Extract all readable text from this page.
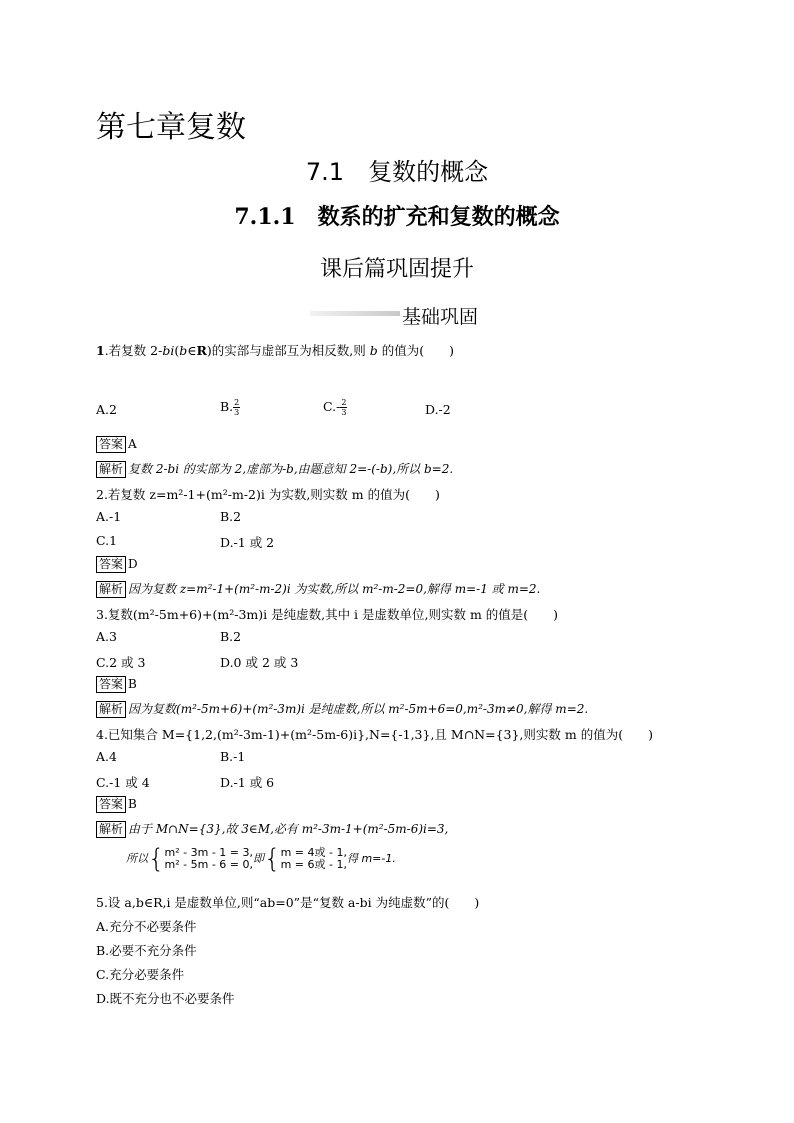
第七章复数
7.1　复数的概念
7.1.1　数系的扩充和复数的概念
课后篇巩固提升
基础巩固
1.若复数 2-bi(b∈R)的实部与虚部互为相反数,则 b 的值为(　　)
A.2	B. $\frac{2}{3}$	$C.- \frac{2}{3}$	D.-2
答案 A
解析 复数 2-bi 的实部为 2,虚部为-b,由题意知 2=-(-b),所以 b=2.
2.若复数 z=m²-1+(m²-m-2)i 为实数,则实数 m 的值为(　　)
A.-1	B.2
C.1	D.-1 或 2
答案 D
解析 因为复数 z=m²-1+(m²-m-2)i 为实数,所以 m²-m-2=0,解得 m=-1 或 m=2.
3.复数(m²-5m+6)+(m²-3m)i 是纯虚数,其中 i 是虚数单位,则实数 m 的值是(　　)
A.3	B.2
C.2 或 3	D.0 或 2 或 3
答案 B
解析 因为复数(m²-5m+6)+(m²-3m)i 是纯虚数,所以 m²-5m+6=0,m²-3m≠0,解得 m=2.
4.已知集合 M={1,2,(m²-3m-1)+(m²-5m-6)i},N={-1,3},且 M∩N={3},则实数 m 的值为(　　)
A.4	B.-1
C.-1 或 4	D.-1 或 6
答案 B
解析 由于 M∩N={3},故 3∈M,必有 m²-3m-1+(m²-5m-6)i=3,
所以{ m² - 3m - 1 = 3,
m² - 5m - 6 = 0, 即{ m = 4或 - 1,
m = 6或 - 1, 得 m=-1.
5.设 a,b∈R,i 是虚数单位,则“ab=0”是“复数 a-bi 为纯虚数”的(　　)
A.充分不必要条件
B.必要不充分条件
C.充分必要条件
D.既不充分也不必要条件
